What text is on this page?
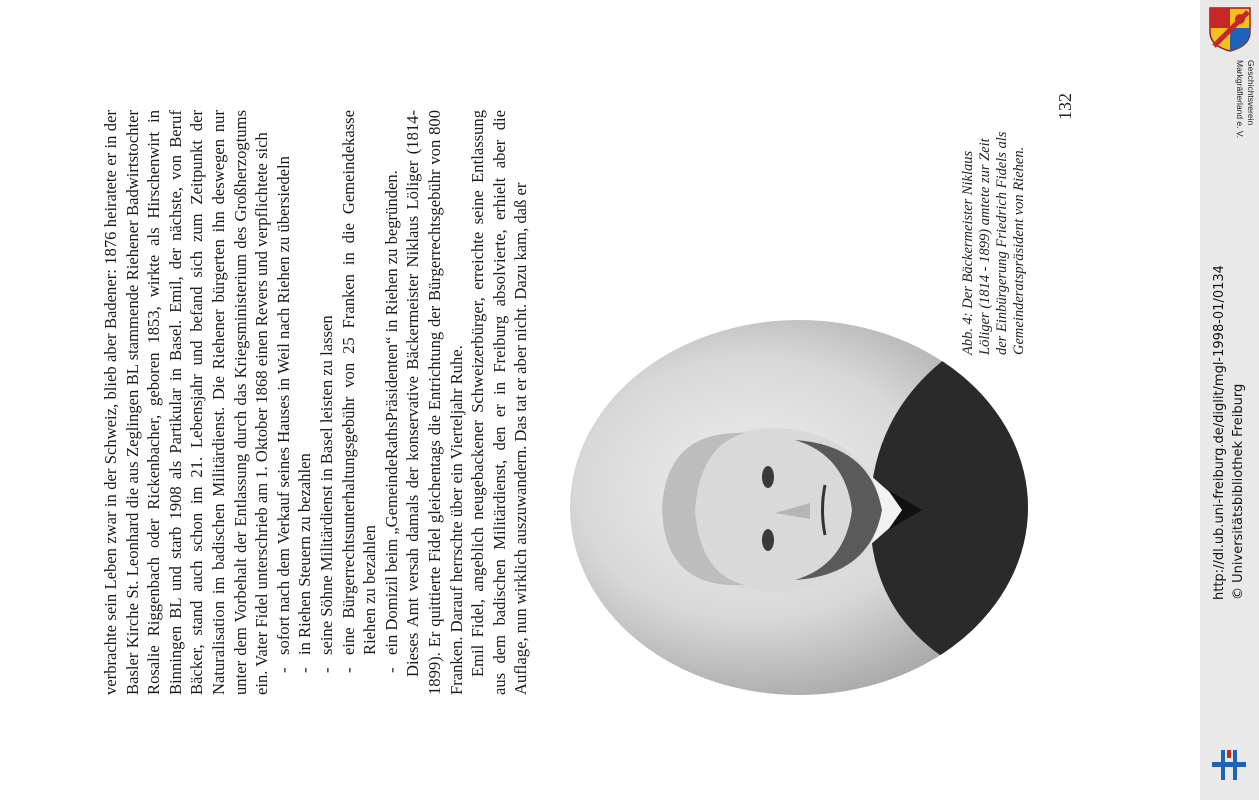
verbrachte sein Leben zwar in der Schweiz, blieb aber Badener: 1876 heiratete er in der Basler Kirche St. Leonhard die aus Zeglingen BL stammende Riehener Badwirtstochter Rosalie Riggenbach oder Rickenbacher, geboren 1853, wirkte als Hirschenwirt in Binningen BL und starb 1908 als Partikular in Basel. Emil, der nächste, von Beruf Bäcker, stand auch schon im 21. Lebensjahr und befand sich zum Zeitpunkt der Naturalisation im badischen Militärdienst. Die Riehener bürgerten ihn deswegen nur unter dem Vorbehalt der Entlassung durch das Kriegsministerium des Großherzogtums ein. Vater Fidel unterschrieb am 1. Oktober 1868 einen Revers und verpflichtete sich - sofort nach dem Verkauf seines Hauses in Weil nach Riehen zu übersiedeln - in Riehen Steuern zu bezahlen - seine Söhne Militärdienst in Basel leisten zu lassen - eine Bürgerrechtsunterhaltungsgebühr von 25 Franken in die Gemeindekasse Riehen zu bezahlen - ein Domizil beim „GemeindeRathsPräsidenten“ in Riehen zu begründen. Dieses Amt versah damals der konservative Bäckermeister Niklaus Löliger (1814-1899). Er quittierte Fidel gleichentags die Entrichtung der Bürgerrechtsgebühr von 800 Franken. Darauf herrschte über ein Vierteljahr Ruhe. Emil Fidel, angeblich neugebackener Schweizerbürger, erreichte seine Entlassung aus dem badischen Militärdienst, den er in Freiburg absolvierte, erhielt aber die Auflage, nun wirklich auszuwandern. Das tat er aber nicht. Dazu kam, daß er	Abb. 4: Der Bäckermeister Niklaus Löliger (1814 - 1899) amtete zur Zeit der Einbürgerung Friedrich Fidels als Gemeinderatspräsident von Riehen.

132	Geschichtsverein
Markgräflerland e. V.
http://dl.ub.uni-freiburg.de/diglit/mgl-1998-01/0134 © Universitätsbibliothek Freiburg
